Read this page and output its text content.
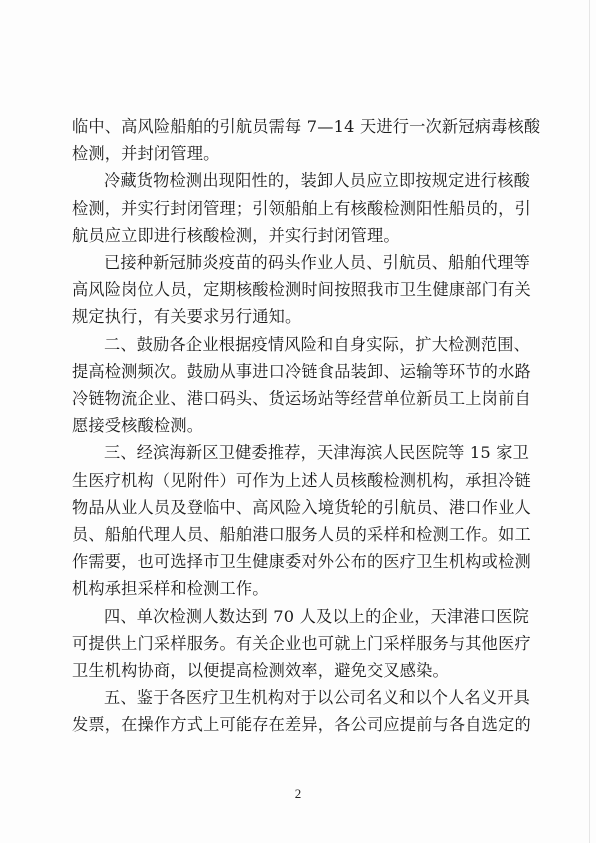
临中、高风险船舶的引航员需每 7—14 天进行一次新冠病毒核酸
检测，并封闭管理。
冷藏货物检测出现阳性的，装卸人员应立即按规定进行核酸
检测，并实行封闭管理；引领船舶上有核酸检测阳性船员的，引
航员应立即进行核酸检测，并实行封闭管理。
已接种新冠肺炎疫苗的码头作业人员、引航员、船舶代理等
高风险岗位人员，定期核酸检测时间按照我市卫生健康部门有关
规定执行，有关要求另行通知。
二、鼓励各企业根据疫情风险和自身实际，扩大检测范围、
提高检测频次。鼓励从事进口冷链食品装卸、运输等环节的水路
冷链物流企业、港口码头、货运场站等经营单位新员工上岗前自
愿接受核酸检测。
三、经滨海新区卫健委推荐，天津海滨人民医院等 15 家卫
生医疗机构（见附件）可作为上述人员核酸检测机构，承担冷链
物品从业人员及登临中、高风险入境货轮的引航员、港口作业人
员、船舶代理人员、船舶港口服务人员的采样和检测工作。如工
作需要，也可选择市卫生健康委对外公布的医疗卫生机构或检测
机构承担采样和检测工作。
四、单次检测人数达到 70 人及以上的企业，天津港口医院
可提供上门采样服务。有关企业也可就上门采样服务与其他医疗
卫生机构协商，以便提高检测效率，避免交叉感染。
五、鉴于各医疗卫生机构对于以公司名义和以个人名义开具
发票，在操作方式上可能存在差异，各公司应提前与各自选定的
2
